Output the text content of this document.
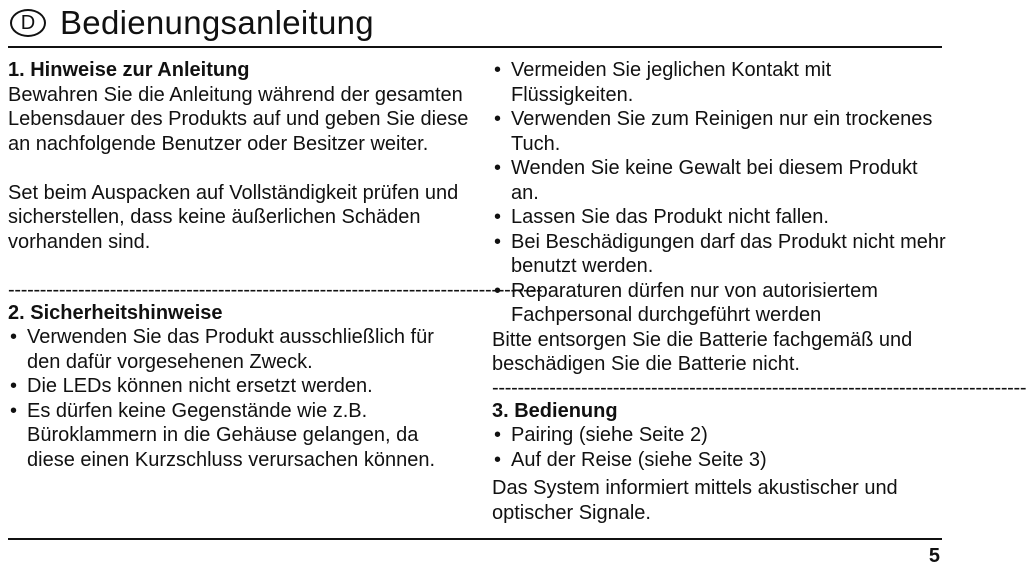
D Bedienungsanleitung
1. Hinweise zur Anleitung

Bewahren Sie die Anleitung während der gesamten Lebensdauer des Produkts auf und geben Sie diese an nachfolgende Benutzer oder Besitzer weiter.

Set beim Auspacken auf Vollständigkeit prüfen und sicherstellen, dass keine äußerlichen Schäden vorhanden sind.

------------------------------------------------------------------------------------
2. Sicherheitshinweise
• Verwenden Sie das Produkt ausschließlich für den dafür vorgesehenen Zweck.
• Die LEDs können nicht ersetzt werden.
• Es dürfen keine Gegenstände wie z.B. Büroklammern in die Gehäuse gelangen, da diese einen Kurzschluss verursachen können.
• Vermeiden Sie jeglichen Kontakt mit Flüssigkeiten.
• Verwenden Sie zum Reinigen nur ein trockenes Tuch.
• Wenden Sie keine Gewalt bei diesem Produkt an.
• Lassen Sie das Produkt nicht fallen.
• Bei Beschädigungen darf das Produkt nicht mehr benutzt werden.
• Reparaturen dürfen nur von autorisiertem Fachpersonal durchgeführt werden

Bitte entsorgen Sie die Batterie fachgemäß und beschädigen Sie die Batterie nicht.

------------------------------------------------------------------------------------
3. Bedienung
• Pairing (siehe Seite 2)
• Auf der Reise (siehe Seite 3)

Das System informiert mittels akustischer und optischer Signale.

5
